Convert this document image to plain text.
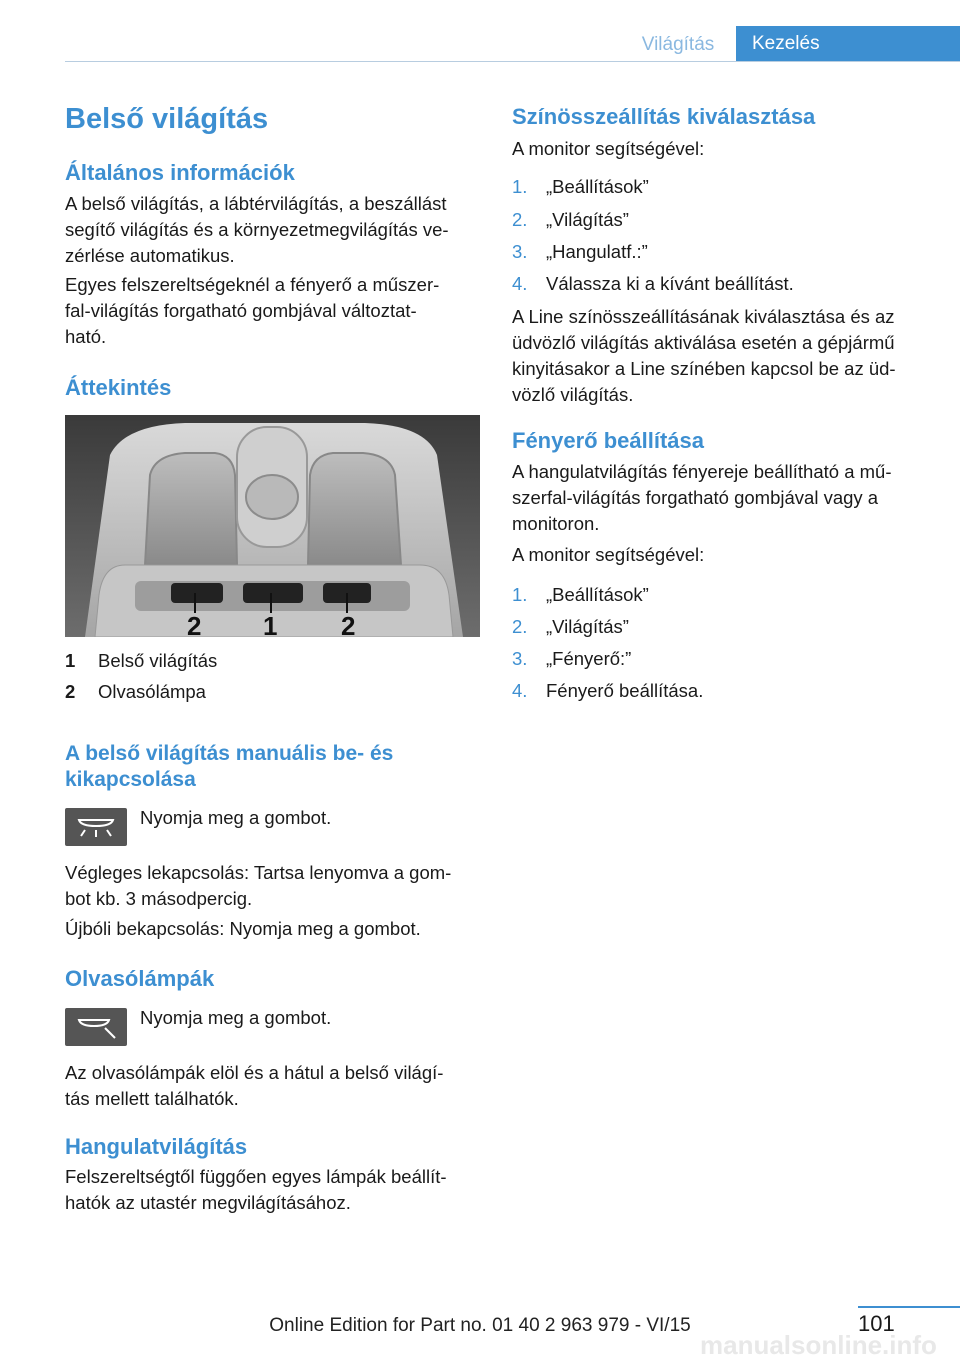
Világítás	Kezelés
Belső világítás
Általános információk

A belső világítás, a lábtérvilágítás, a beszállást
segítő világítás és a környezetmegvilágítás ve-
zérlése automatikus.

Egyes felszereltségeknél a fényerő a műszer-
fal-világítás forgatható gombjával változtat-
ható.

Áttekintés
2 1 2
1	Belső világítás
2	Olvasólámpa
A belső világítás manuális be- és
kikapcsolása

Nyomja meg a gombot.

Végleges lekapcsolás: Tartsa lenyomva a gom-
bot kb. 3 másodpercig.

Újbóli bekapcsolás: Nyomja meg a gombot.

Olvasólámpák

Nyomja meg a gombot.

Az olvasólámpák elöl és a hátul a belső világí-
tás mellett találhatók.

Hangulatvilágítás

Felszereltségtől függően egyes lámpák beállít-
hatók az utastér megvilágításához.

Színösszeállítás kiválasztása

A monitor segítségével:

1. „Beállítások”
2. „Világítás”
3. „Hangulatf.:”
4. Válassza ki a kívánt beállítást.

A Line színösszeállításának kiválasztása és az
üdvözlő világítás aktiválása esetén a gépjármű
kinyitásakor a Line színében kapcsol be az üd-
vözlő világítás.

Fényerő beállítása

A hangulatvilágítás fényereje beállítható a mű-
szerfal-világítás forgatható gombjával vagy a
monitoron.

A monitor segítségével:

1. „Beállítások”
2. „Világítás”
3. „Fényerő:”
4. Fényerő beállítása.
101
manualsonline.info
Online Edition for Part no. 01 40 2 963 979 - VI/15
